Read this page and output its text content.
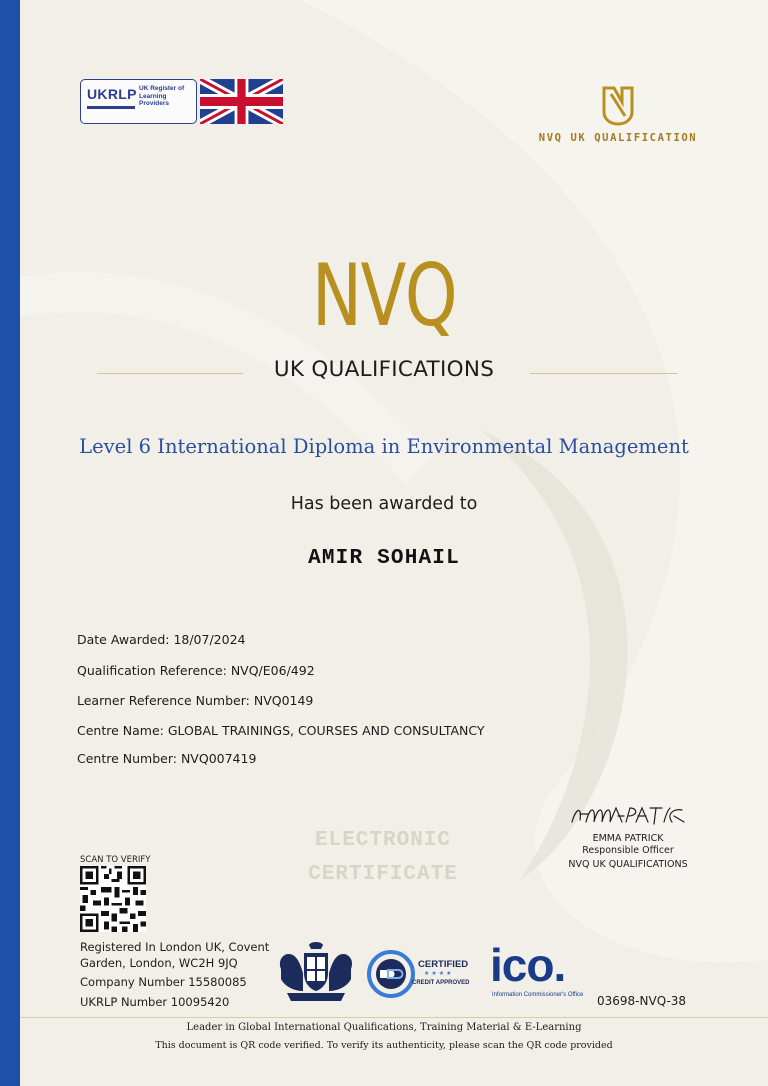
UKRLP UK Register of Learning Providers
NVQ UK QUALIFICATION
NVQ
UK QUALIFICATIONS
Level 6 International Diploma in Environmental Management
Has been awarded to
AMIR SOHAIL
Date Awarded: 18/07/2024
Qualification Reference: NVQ/E06/492
Learner Reference Number: NVQ0149
Centre Name: GLOBAL TRAININGS, COURSES AND CONSULTANCY
Centre Number: NVQ007419
ELECTRONIC
CERTIFICATE
EMMA PATRICK
Responsible Officer
NVQ UK QUALIFICATIONS
SCAN TO VERIFY
Registered In London UK, Covent Garden, London, WC2H 9JQ
Company Number 15580085
UKRLP Number 10095420
CERTIFIED
★★★★
CREDIT APPROVED ico.
Information Commissioner's Office 03698-NVQ-38
Leader in Global International Qualifications, Training Material & E-Learning
This document is QR code verified. To verify its authenticity, please scan the QR code provided
